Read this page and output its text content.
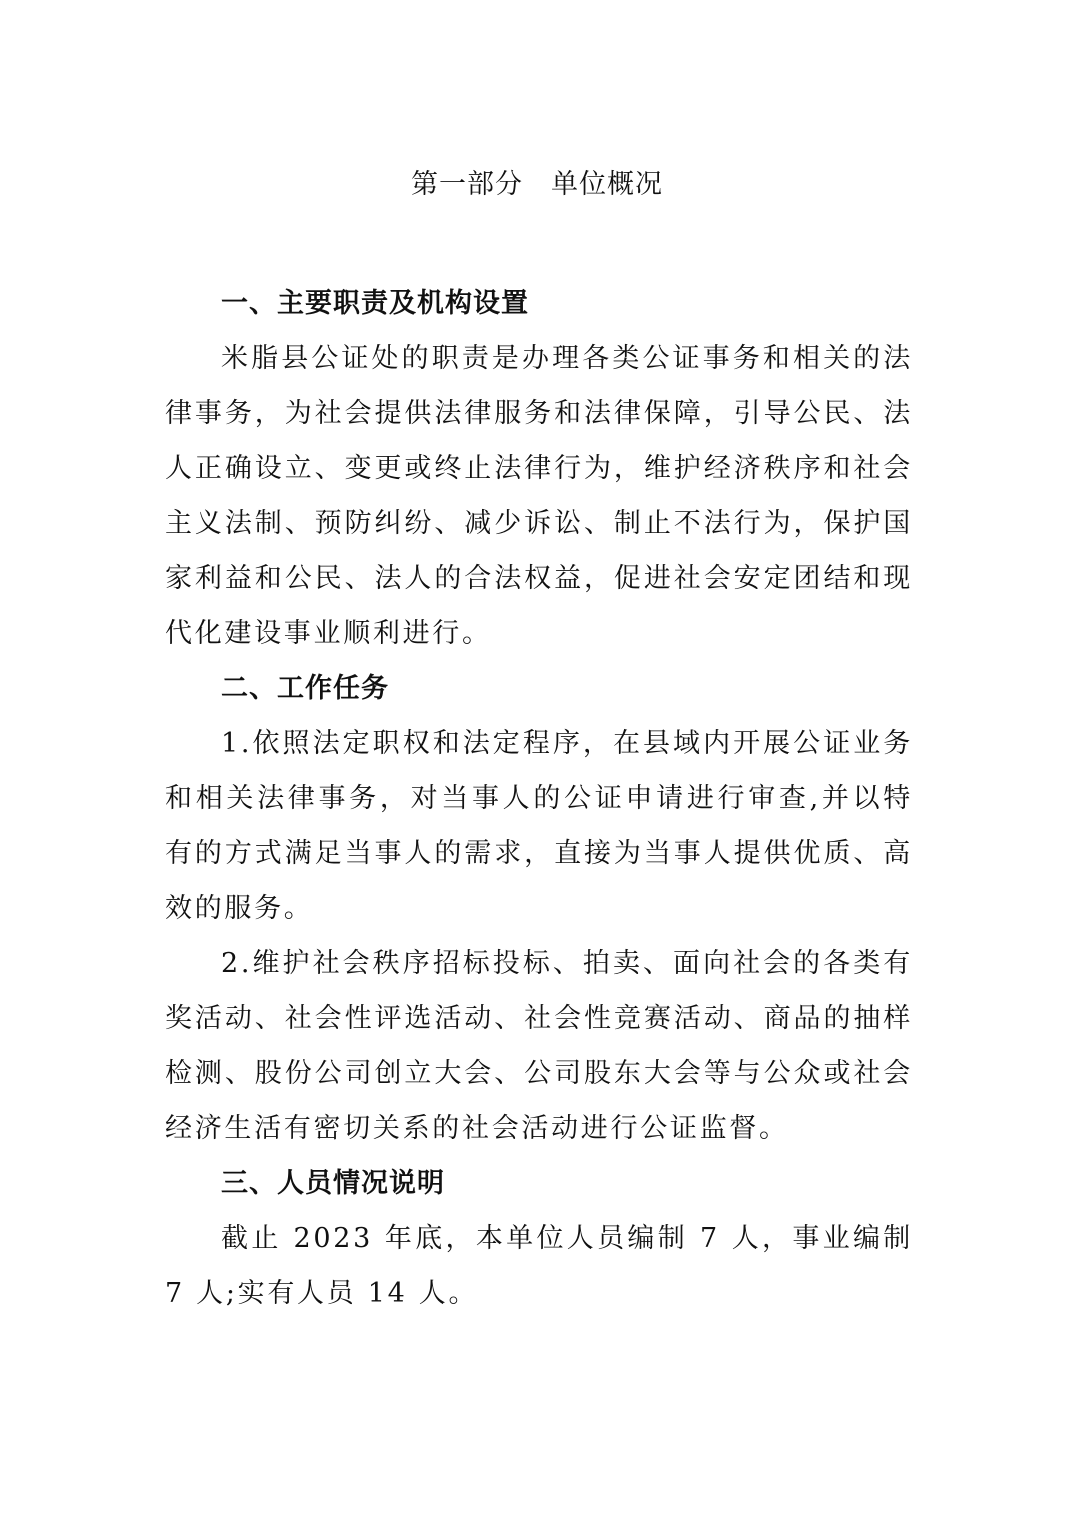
第一部分　单位概况
一、主要职责及机构设置

米脂县公证处的职责是办理各类公证事务和相关的法律事务，为社会提供法律服务和法律保障，引导公民、法人正确设立、变更或终止法律行为，维护经济秩序和社会主义法制、预防纠纷、减少诉讼、制止不法行为，保护国家利益和公民、法人的合法权益，促进社会安定团结和现代化建设事业顺利进行。

二、工作任务

1.依照法定职权和法定程序，在县域内开展公证业务和相关法律事务，对当事人的公证申请进行审查,并以特有的方式满足当事人的需求，直接为当事人提供优质、高效的服务。

2.维护社会秩序招标投标、拍卖、面向社会的各类有奖活动、社会性评选活动、社会性竞赛活动、商品的抽样检测、股份公司创立大会、公司股东大会等与公众或社会经济生活有密切关系的社会活动进行公证监督。

三、人员情况说明

截止 2023 年底，本单位人员编制 7 人，事业编制 7 人;实有人员 14 人。
